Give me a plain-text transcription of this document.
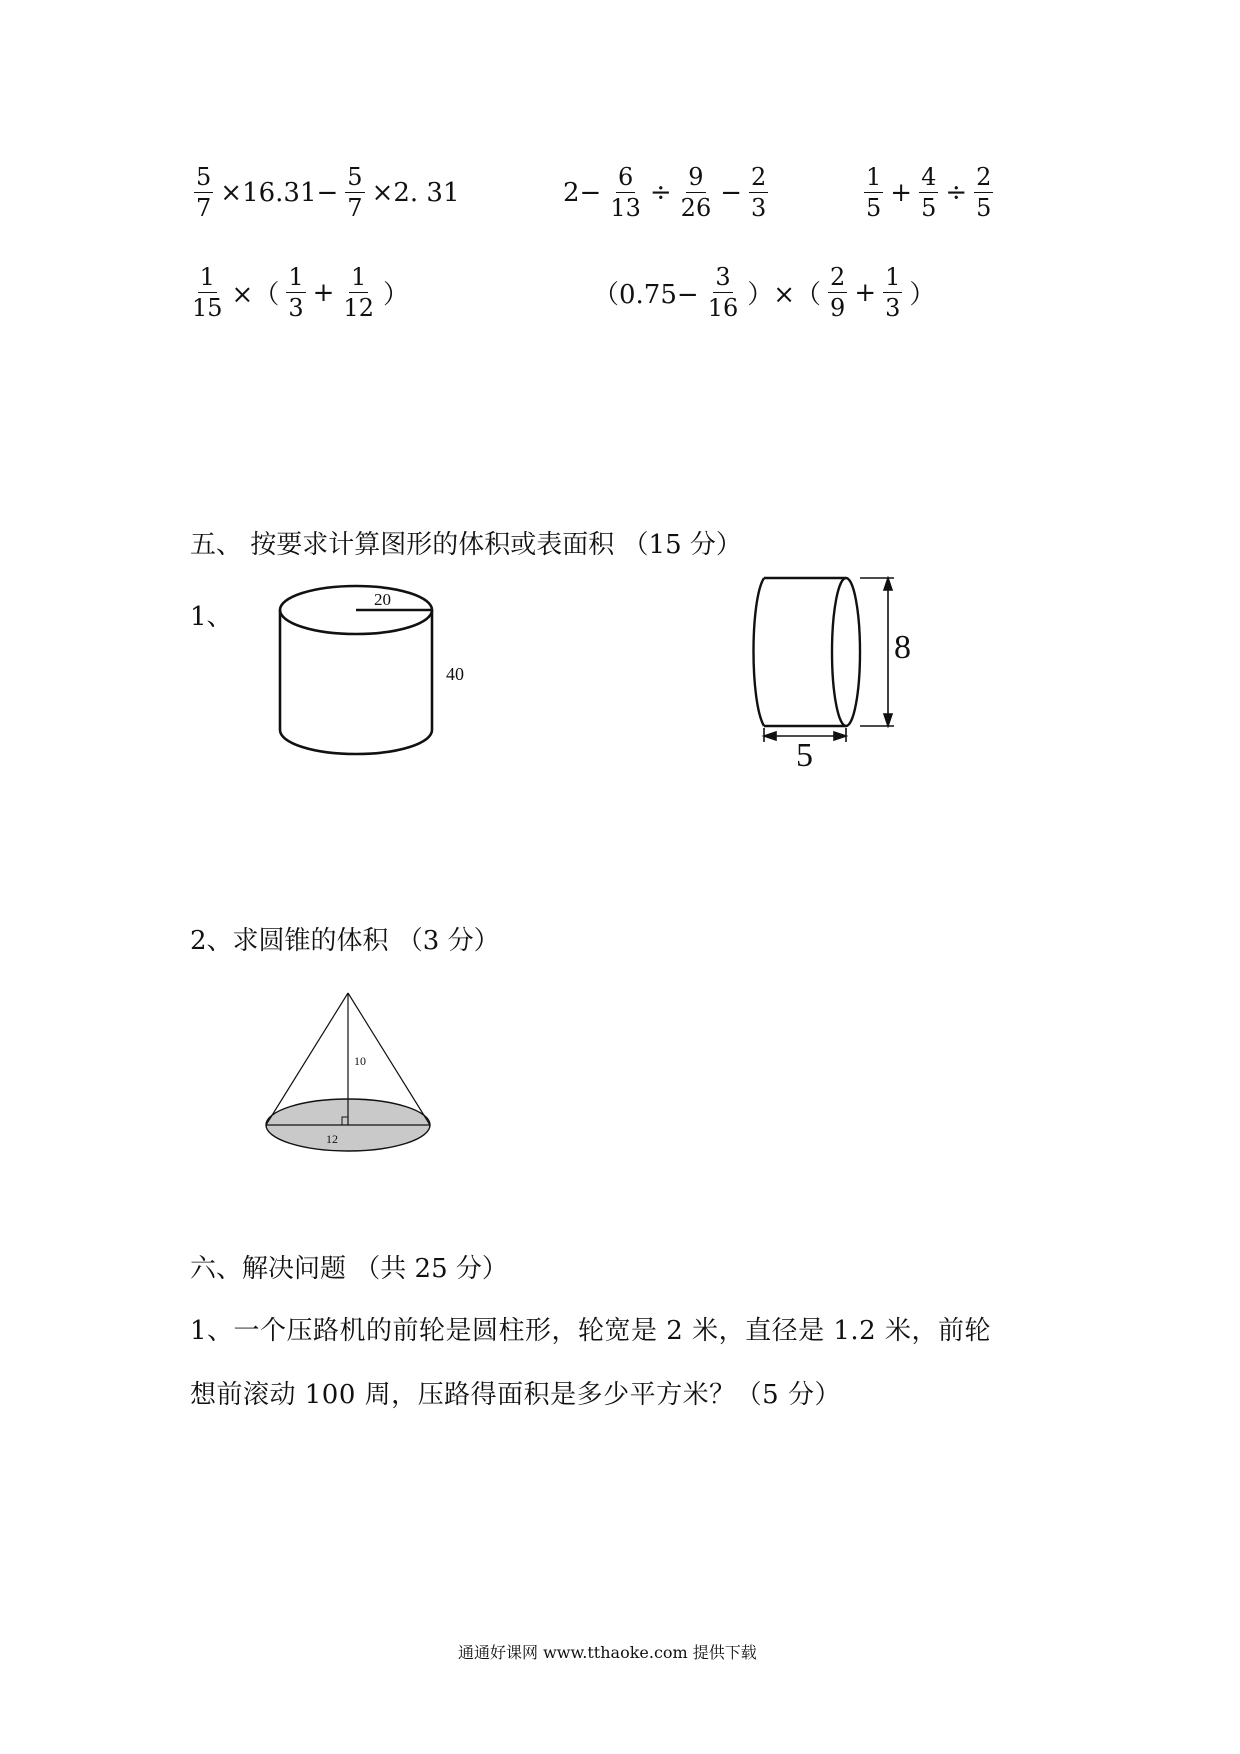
$\frac{5}{7} \times 16.31- \frac{5}{7} \times 2$. 31	$2- \frac{6}{13} \div \frac{9}{26} - \frac{2}{3}$	$\frac{1}{5} + \frac{4}{5} \div \frac{2}{5}$
$\frac{1}{15}$ ×（ $\frac{1}{3} + \frac{1}{12}$ ）	（$0.75- \frac{3}{16}$ ）×（ $\frac{2}{9} + \frac{1}{3}$ ）
五、 按要求计算图形的体积或表面积 （15 分）
1、
20
40
8
5
2、求圆锥的体积 （3 分）
10
12
六、解决问题 （共 25 分）
1、一个压路机的前轮是圆柱形，轮宽是 2 米，直径是 1.2 米，前轮
想前滚动 100 周，压路得面积是多少平方米？（5 分）
通通好课网 www.tthaoke.com 提供下载
